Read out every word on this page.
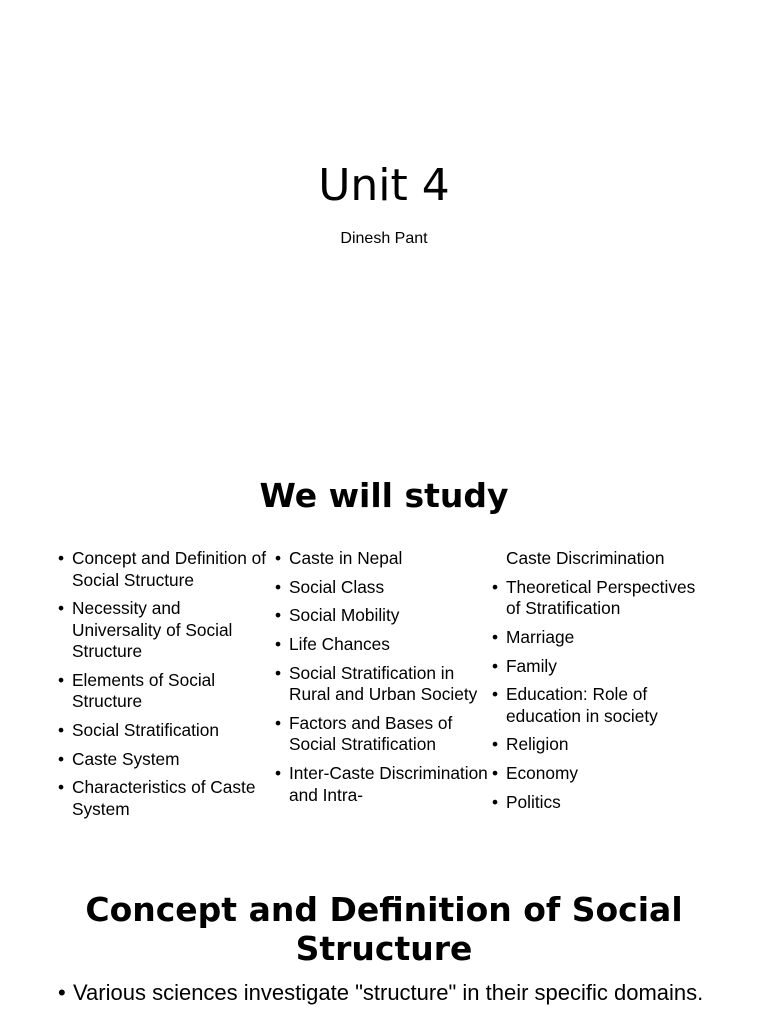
Unit 4
Dinesh Pant
We will study
• Concept and Definition of Social Structure
• Necessity and Universality of Social Structure
• Elements of Social Structure
• Social Stratification
• Caste System
• Characteristics of Caste System
• Caste in Nepal
• Social Class
• Social Mobility
• Life Chances
• Social Stratification in Rural and Urban Society
• Factors and Bases of Social Stratification
• Inter-Caste Discrimination and Intra-
Caste Discrimination
• Theoretical Perspectives of Stratification
• Marriage
• Family
• Education: Role of education in society
• Religion
• Economy
• Politics
Concept and Definition of Social Structure
• Various sciences investigate "structure" in their specific domains.
